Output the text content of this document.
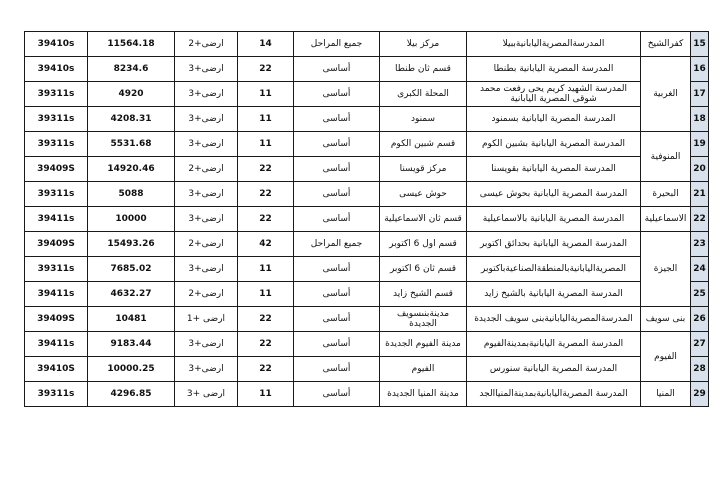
15	كفرالشيخ	المدرسةالمصريةاليابانيةببيلا	مركز بيلا	جميع المراحل	14	ارضى+2	11564.18	39410s
16	الغربية	المدرسة المصرية اليابانية بطنطا	قسم ثان طنطا	أساسى	22	ارضى+3	8234.6	39410s
17		المدرسة الشهيد كريم يحى رفعت محمد شوقى المصرية اليابانية	المحلة الكبرى	أساسى	11	ارضى+3	4920	39311s
18		المدرسة المصرية اليابانية بسمنود	سمنود	أساسى	11	ارضى+3	4208.31	39311s
19	المنوفية	المدرسة المصرية اليابانية بشبين الكوم	قسم شبين الكوم	أساسى	11	ارضى+3	5531.68	39311s
20		المدرسة المصرية اليابانية بقويسنا	مركز قويسنا	أساسى	22	ارضى+2	14920.46	39409S
21	البحيرة	المدرسة المصرية اليابانية بحوش عيسى	حوش عيسى	أساسى	22	ارضى+3	5088	39311s
22	الاسماعيلية	المدرسة المصرية اليابانية بالاسماعيلية	قسم ثان الاسماعيلية	أساسى	22	ارضى+3	10000	39411s
23	الجيزة	المدرسة المصرية اليابانية بحدائق اكتوبر	قسم اول 6 اكتوبر	جميع المراحل	42	ارضى+2	15493.26	39409S
24		المصريةاليابانيةبالمنطقةالصناعيةباكتوبر	قسم ثان 6 اكتوبر	أساسى	11	ارضى+3	7685.02	39311s
25		المدرسة المصرية اليابانية بالشيخ زايد	قسم الشيخ زايد	أساسى	11	ارضى+2	4632.27	39411s
26	بنى سويف	المدرسةالمصريةاليابانيةبنى سويف الجديدة	مدينةبنىسويف الجديدة	أساسى	22	ارضى +1	10481	39409S
27	الفيوم	المدرسة المصرية اليابانيةبمدينةالفيوم	مدينة الفيوم الجديدة	أساسى	22	ارضى+3	9183.44	39411s
28		المدرسة المصرية اليابانية سنورس	الفيوم	أساسى	22	ارضى+3	10000.25	39410S
29	المنيا	المدرسة المصريةاليابانيةبمدينةالمنياالجد	مدينة المنيا الجديدة	أساسى	11	ارضى +3	4296.85	39311s
